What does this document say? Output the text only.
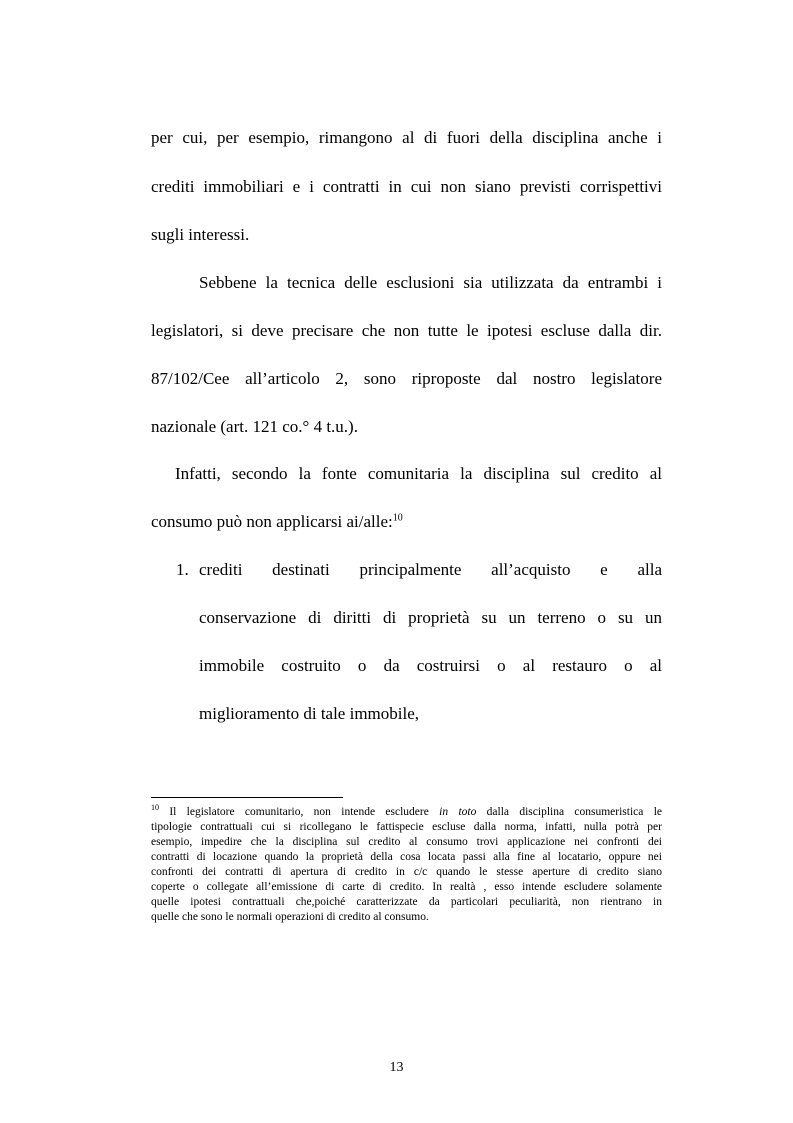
per cui, per esempio, rimangono al di fuori della disciplina anche i
crediti immobiliari e i contratti in cui non siano previsti corrispettivi
sugli interessi.
Sebbene la tecnica delle esclusioni sia utilizzata da entrambi i
legislatori, si deve precisare che non tutte le ipotesi escluse dalla dir.
87/102/Cee all’articolo 2, sono riproposte dal nostro legislatore
nazionale (art. 121 co.° 4 t.u.).
Infatti, secondo la fonte comunitaria la disciplina sul credito al
consumo può non applicarsi ai/alle:$^{10}$
1. crediti destinati principalmente all’acquisto e alla
conservazione di diritti di proprietà su un terreno o su un
immobile costruito o da costruirsi o al restauro o al
miglioramento di tale immobile,
$^{10}$ Il legislatore comunitario, non intende escludere in toto dalla disciplina consumeristica le
tipologie contrattuali cui si ricollegano le fattispecie escluse dalla norma, infatti, nulla potrà per
esempio, impedire che la disciplina sul credito al consumo trovi applicazione nei confronti dei
contratti di locazione quando la proprietà della cosa locata passi alla fine al locatario, oppure nei
confronti dei contratti di apertura di credito in c/c quando le stesse aperture di credito siano
coperte o collegate all’emissione di carte di credito. In realtà , esso intende escludere solamente
quelle ipotesi contrattuali che,poiché caratterizzate da particolari peculiarità, non rientrano in
quelle che sono le normali operazioni di credito al consumo.
13
